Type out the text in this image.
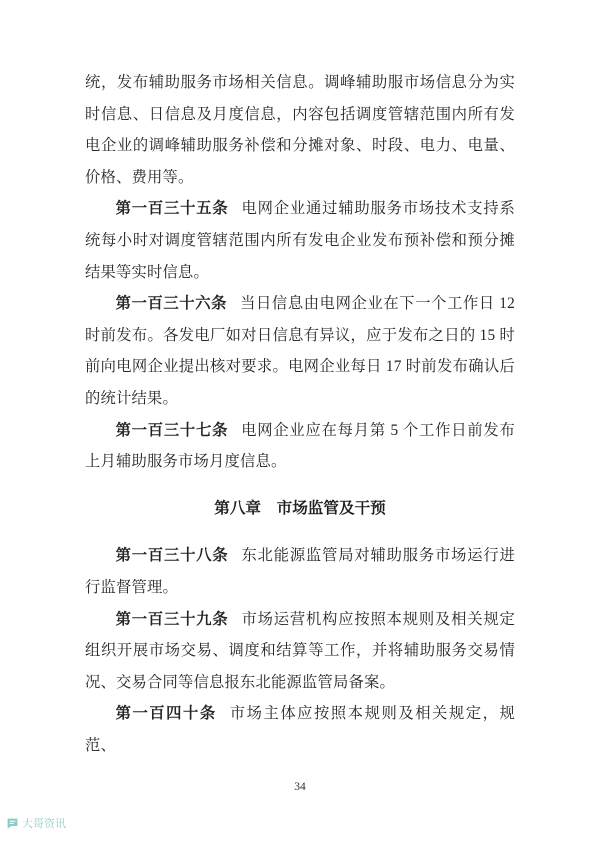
统，发布辅助服务市场相关信息。调峰辅助服市场信息分为实时信息、日信息及月度信息，内容包括调度管辖范围内所有发电企业的调峰辅助服务补偿和分摊对象、时段、电力、电量、价格、费用等。

第一百三十五条 电网企业通过辅助服务市场技术支持系统每小时对调度管辖范围内所有发电企业发布预补偿和预分摊结果等实时信息。

第一百三十六条 当日信息由电网企业在下一个工作日 12 时前发布。各发电厂如对日信息有异议，应于发布之日的 15 时前向电网企业提出核对要求。电网企业每日 17 时前发布确认后的统计结果。

第一百三十七条 电网企业应在每月第 5 个工作日前发布上月辅助服务市场月度信息。

第八章　市场监管及干预

第一百三十八条 东北能源监管局对辅助服务市场运行进行监督管理。

第一百三十九条 市场运营机构应按照本规则及相关规定组织开展市场交易、调度和结算等工作，并将辅助服务交易情况、交易合同等信息报东北能源监管局备案。

第一百四十条 市场主体应按照本规则及相关规定，规范、

34
大哥资讯
